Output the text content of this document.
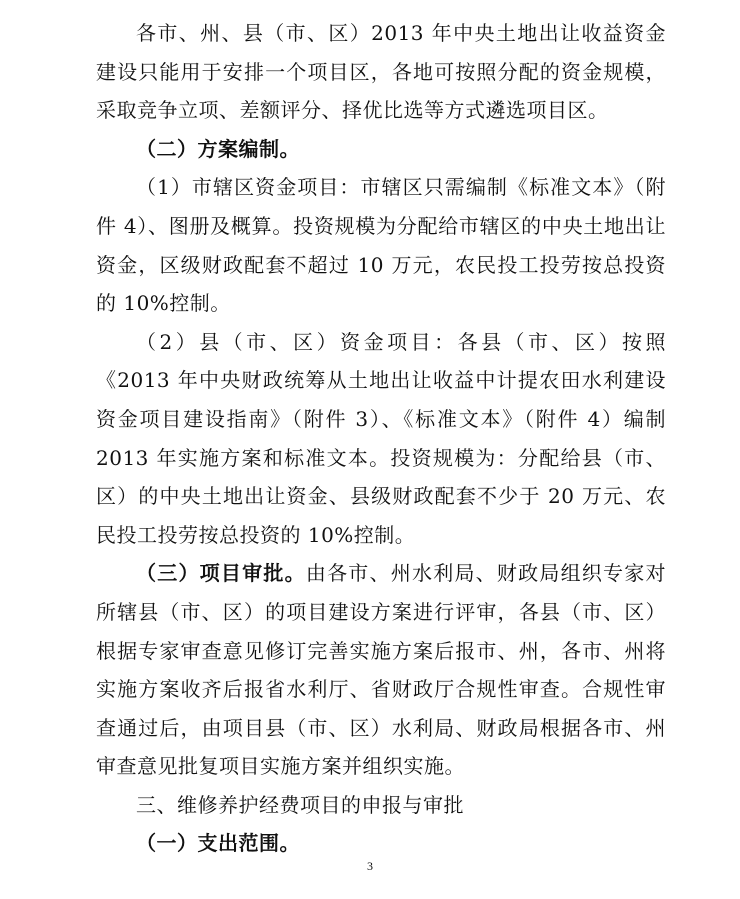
各市、州、县（市、区）2013 年中央土地出让收益资金建设只能用于安排一个项目区，各地可按照分配的资金规模，采取竞争立项、差额评分、择优比选等方式遴选项目区。

（二）方案编制。

（1）市辖区资金项目：市辖区只需编制《标准文本》（附件 4）、图册及概算。投资规模为分配给市辖区的中央土地出让资金，区级财政配套不超过 10 万元，农民投工投劳按总投资的 10%控制。

（2）县（市、区）资金项目：各县（市、区）按照《2013 年中央财政统筹从土地出让收益中计提农田水利建设资金项目建设指南》（附件 3）、《标准文本》（附件 4）编制 2013 年实施方案和标准文本。投资规模为：分配给县（市、区）的中央土地出让资金、县级财政配套不少于 20 万元、农民投工投劳按总投资的 10%控制。

（三）项目审批。由各市、州水利局、财政局组织专家对所辖县（市、区）的项目建设方案进行评审，各县（市、区）根据专家审查意见修订完善实施方案后报市、州，各市、州将实施方案收齐后报省水利厅、省财政厅合规性审查。合规性审查通过后，由项目县（市、区）水利局、财政局根据各市、州审查意见批复项目实施方案并组织实施。

三、维修养护经费项目的申报与审批

（一）支出范围。

3
